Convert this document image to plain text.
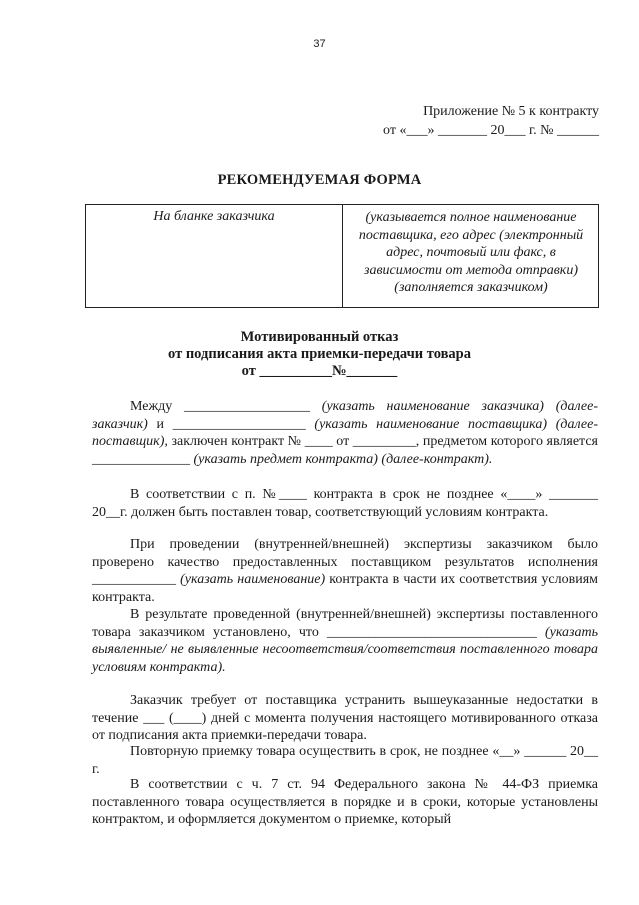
37
Приложение № 5 к контракту
от «___» _______ 20___ г. № ______
РЕКОМЕНДУЕМАЯ ФОРМА
На бланке заказчика	(указывается полное наименование поставщика, его адрес (электронный адрес, почтовый или факс, в зависимости от метода отправки) (заполняется заказчиком)
Мотивированный отказ
от подписания акта приемки-передачи товара
от __________№_______

Между __________________ (указать наименование заказчика) (далее-заказчик) и ___________________ (указать наименование поставщика) (далее-поставщик), заключен контракт № ____ от _________, предметом которого является ______________ (указать предмет контракта) (далее-контракт).

В соответствии с п. №____ контракта в срок не позднее «____» _______ 20__г. должен быть поставлен товар, соответствующий условиям контракта.

При проведении (внутренней/внешней) экспертизы заказчиком было проверено качество предоставленных поставщиком результатов исполнения ____________ (указать наименование) контракта в части их соответствия условиям контракта.

В результате проведенной (внутренней/внешней) экспертизы поставленного товара заказчиком установлено, что ______________________________ (указать выявленные/ не выявленные несоответствия/соответствия поставленного товара условиям контракта).

Заказчик требует от поставщика устранить вышеуказанные недостатки в течение ___ (____) дней с момента получения настоящего мотивированного отказа от подписания акта приемки-передачи товара.

Повторную приемку товара осуществить в срок, не позднее «__» ______ 20__ г.

В соответствии с ч. 7 ст. 94 Федерального закона № 44-ФЗ приемка поставленного товара осуществляется в порядке и в сроки, которые установлены контрактом, и оформляется документом о приемке, который
